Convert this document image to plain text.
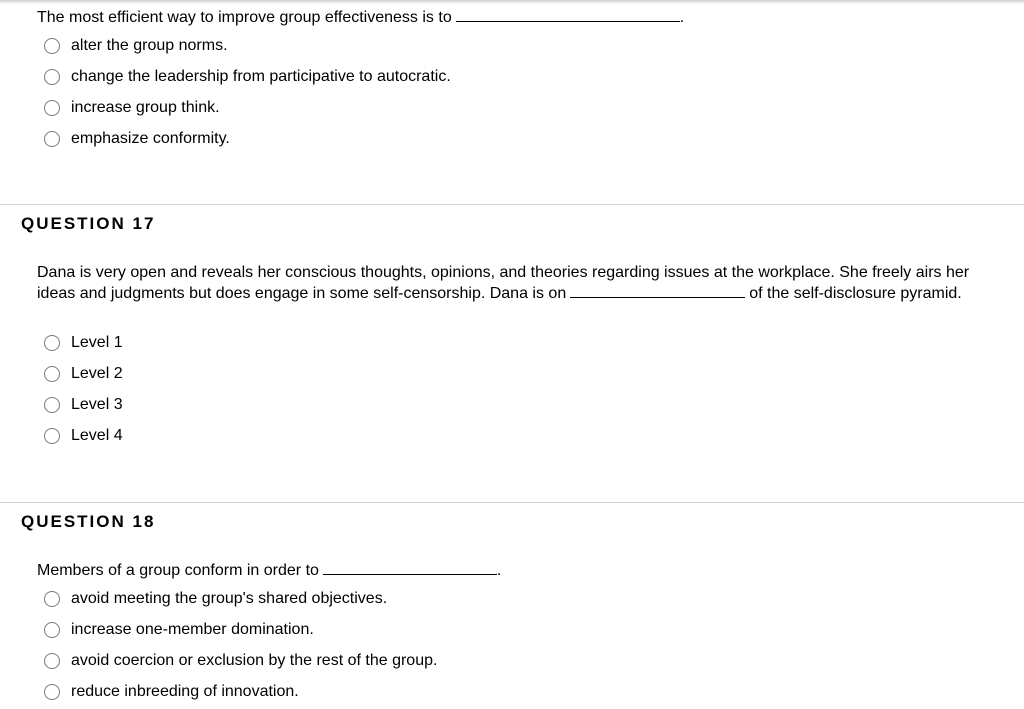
The most efficient way to improve group effectiveness is to	.

alter the group norms.
change the leadership from participative to autocratic.
increase group think.
emphasize conformity.

QUESTION 17

Dana is very open and reveals her conscious thoughts, opinions, and theories regarding issues at the workplace. She freely airs her ideas and judgments but does engage in some self-censorship. Dana is on	of the self-disclosure pyramid.

Level 1
Level 2
Level 3
Level 4

QUESTION 18

Members of a group conform in order to	.

avoid meeting the group's shared objectives.
increase one-member domination.
avoid coercion or exclusion by the rest of the group.
reduce inbreeding of innovation.
